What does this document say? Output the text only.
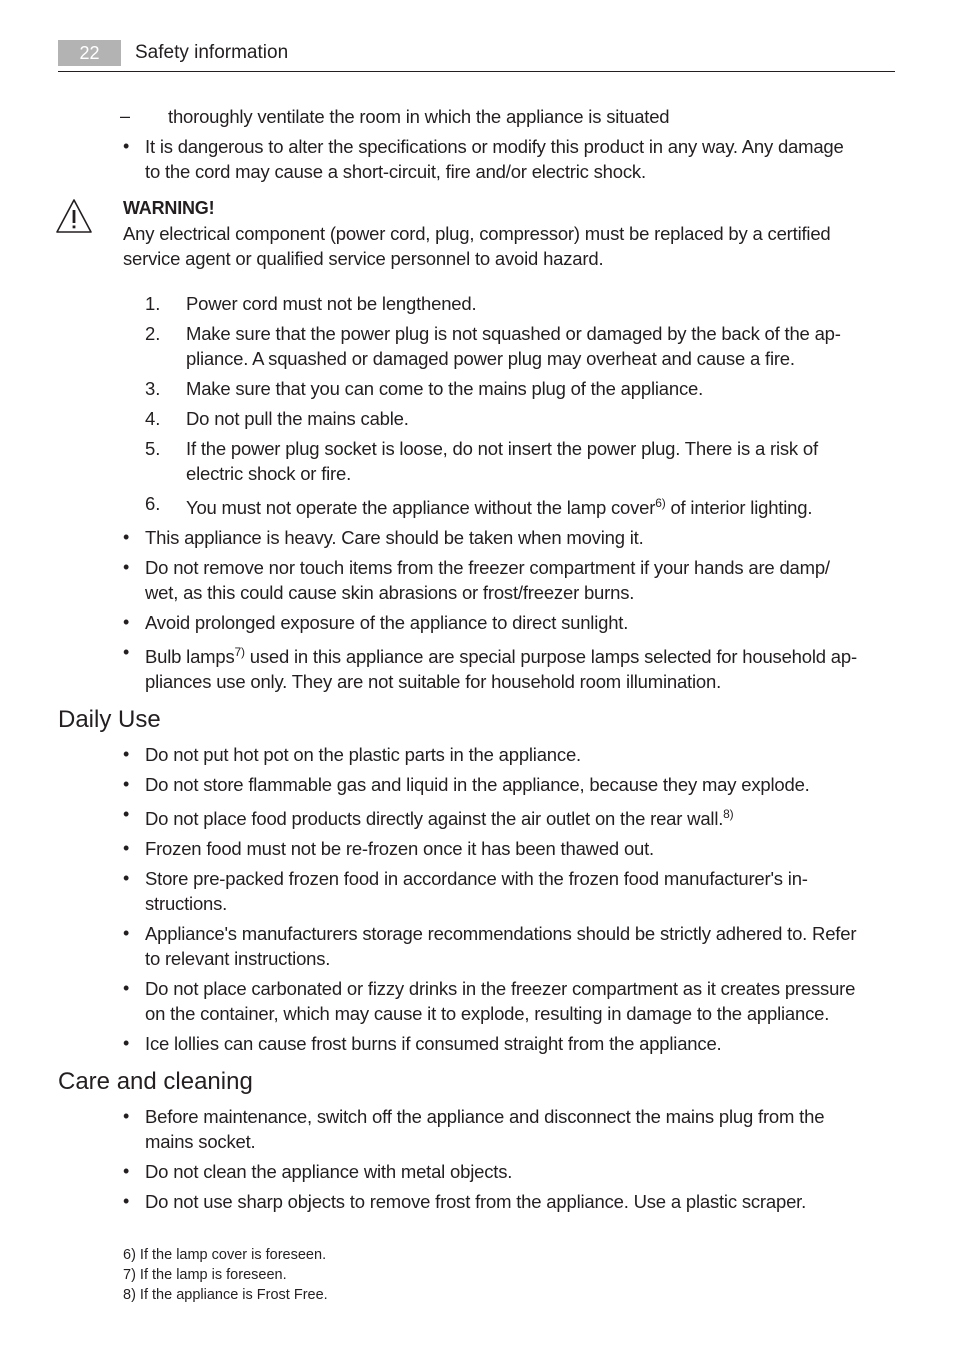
22	Safety information
– thoroughly ventilate the room in which the appliance is situated
• It is dangerous to alter the specifications or modify this product in any way. Any damage
to the cord may cause a short-circuit, fire and/or electric shock.
WARNING!
Any electrical component (power cord, plug, compressor) must be replaced by a certified
service agent or qualified service personnel to avoid hazard.
1. Power cord must not be lengthened.
2. Make sure that the power plug is not squashed or damaged by the back of the ap-
pliance. A squashed or damaged power plug may overheat and cause a fire.
3. Make sure that you can come to the mains plug of the appliance.
4. Do not pull the mains cable.
5. If the power plug socket is loose, do not insert the power plug. There is a risk of
electric shock or fire.
6. You must not operate the appliance without the lamp cover$^{6)}$ of interior lighting.
• This appliance is heavy. Care should be taken when moving it.
• Do not remove nor touch items from the freezer compartment if your hands are damp/
wet, as this could cause skin abrasions or frost/freezer burns.
• Avoid prolonged exposure of the appliance to direct sunlight.
• Bulb lamps$^{7)}$ used in this appliance are special purpose lamps selected for household ap-
pliances use only. They are not suitable for household room illumination.
Daily Use
• Do not put hot pot on the plastic parts in the appliance.
• Do not store flammable gas and liquid in the appliance, because they may explode.
• Do not place food products directly against the air outlet on the rear wall.$^{8)}$
• Frozen food must not be re-frozen once it has been thawed out.
• Store pre-packed frozen food in accordance with the frozen food manufacturer's in-
structions.
• Appliance's manufacturers storage recommendations should be strictly adhered to. Refer
to relevant instructions.
• Do not place carbonated or fizzy drinks in the freezer compartment as it creates pressure
on the container, which may cause it to explode, resulting in damage to the appliance.
• Ice lollies can cause frost burns if consumed straight from the appliance.
Care and cleaning
• Before maintenance, switch off the appliance and disconnect the mains plug from the
mains socket.
• Do not clean the appliance with metal objects.
• Do not use sharp objects to remove frost from the appliance. Use a plastic scraper.
6) If the lamp cover is foreseen.
7) If the lamp is foreseen.
8) If the appliance is Frost Free.
